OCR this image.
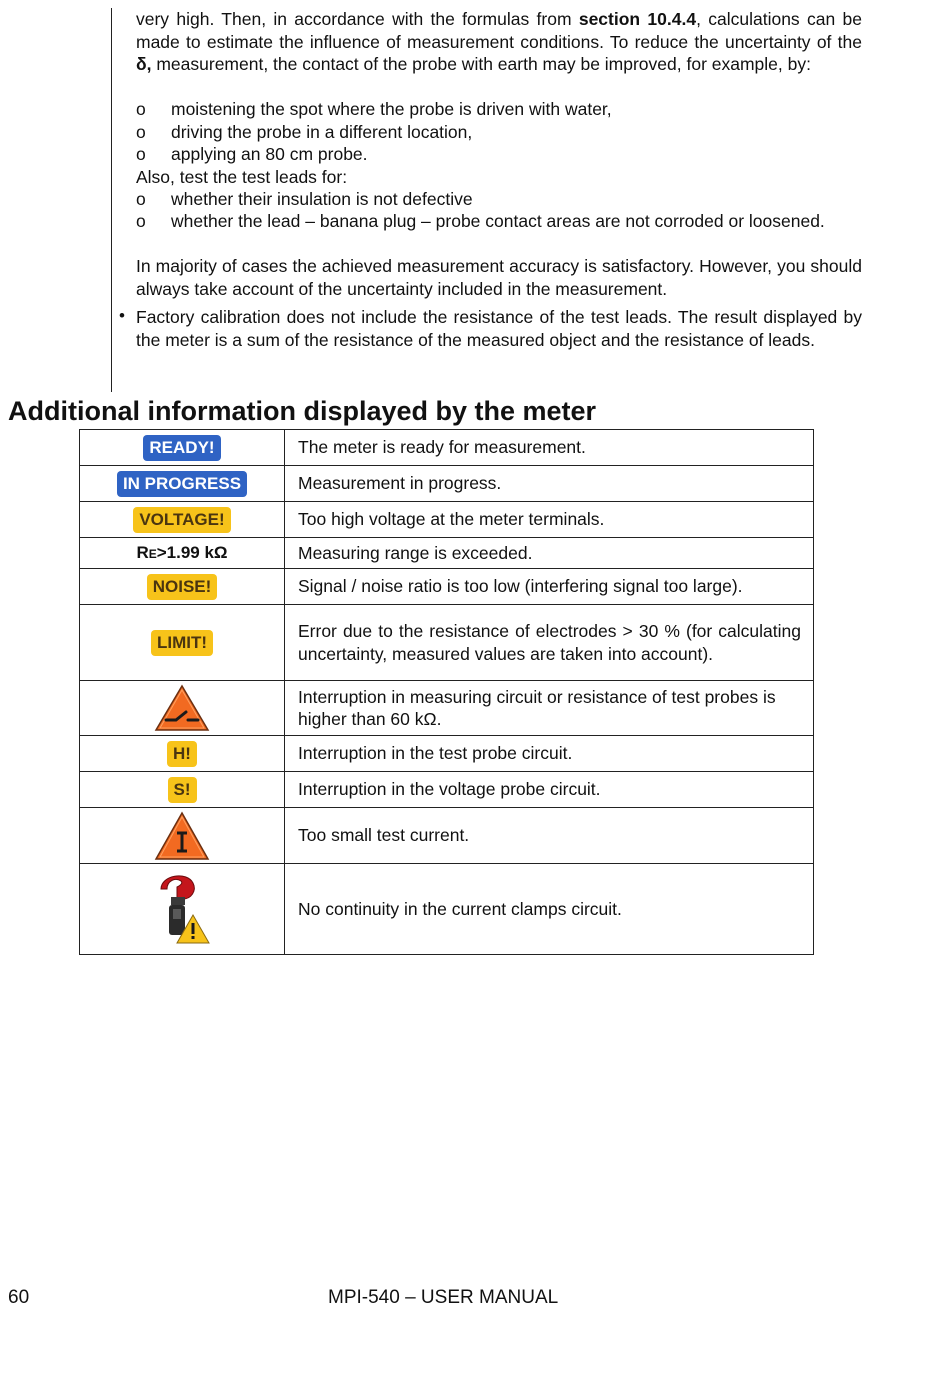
very high. Then, in accordance with the formulas from section 10.4.4, calculations can be made to estimate the influence of measurement conditions. To reduce the uncertainty of the δ, measurement, the contact of the probe with earth may be improved, for example, by:
o moistening the spot where the probe is driven with water,
o driving the probe in a different location,
o applying an 80 cm probe.
Also, test the test leads for:
o whether their insulation is not defective
o whether the lead – banana plug – probe contact areas are not corroded or loosened.
In majority of cases the achieved measurement accuracy is satisfactory. However, you should always take account of the uncertainty included in the measurement.
• Factory calibration does not include the resistance of the test leads. The result displayed by the meter is a sum of the resistance of the measured object and the resistance of leads.
Additional information displayed by the meter
READY!	The meter is ready for measurement.
IN PROGRESS	Measurement in progress.
VOLTAGE!	Too high voltage at the meter terminals.
RE>1.99 kΩ	Measuring range is exceeded.
NOISE!	Signal / noise ratio is too low (interfering signal too large).
LIMIT!	Error due to the resistance of electrodes > 30 % (for calculating uncertainty, measured values are taken into account).

	Interruption in measuring circuit or resistance of test probes is higher than 60 kΩ.
H!	Interruption in the test probe circuit.
S!	Interruption in the voltage probe circuit.

	Too small test current.

	No continuity in the current clamps circuit.
60	MPI-540 – USER MANUAL
